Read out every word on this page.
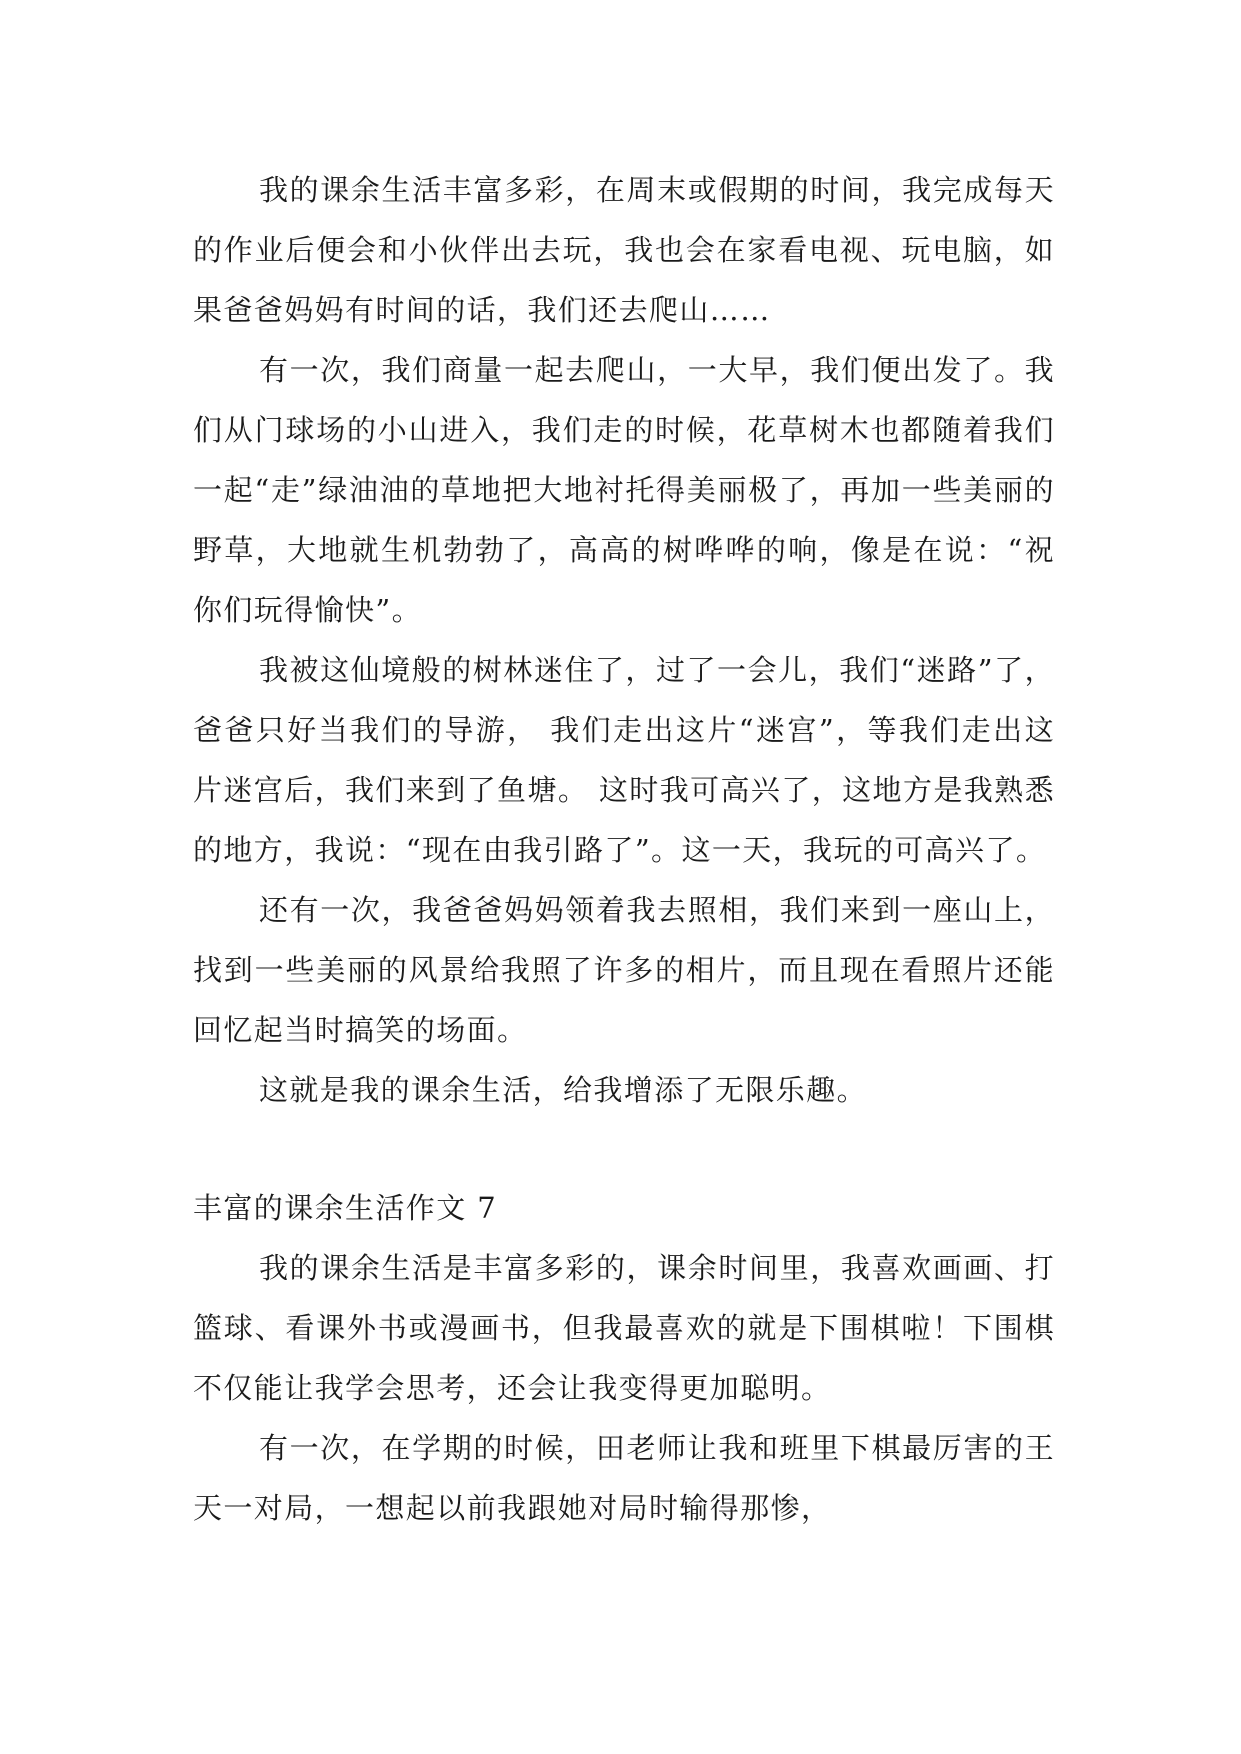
我的课余生活丰富多彩，在周末或假期的时间，我完成每天的作业后便会和小伙伴出去玩，我也会在家看电视、玩电脑，如果爸爸妈妈有时间的话，我们还去爬山……

有一次，我们商量一起去爬山，一大早，我们便出发了。我们从门球场的小山进入，我们走的时候，花草树木也都随着我们一起“走”绿油油的草地把大地衬托得美丽极了，再加一些美丽的野草，大地就生机勃勃了，高高的树哗哗的响，像是在说：“祝你们玩得愉快”。

我被这仙境般的树林迷住了，过了一会儿，我们“迷路”了，爸爸只好当我们的导游， 我们走出这片“迷宫”，等我们走出这片迷宫后，我们来到了鱼塘。 这时我可高兴了，这地方是我熟悉的地方，我说：“现在由我引路了”。这一天，我玩的可高兴了。

还有一次，我爸爸妈妈领着我去照相，我们来到一座山上，找到一些美丽的风景给我照了许多的相片，而且现在看照片还能回忆起当时搞笑的场面。

这就是我的课余生活，给我增添了无限乐趣。

丰富的课余生活作文 7

我的课余生活是丰富多彩的，课余时间里，我喜欢画画、打篮球、看课外书或漫画书，但我最喜欢的就是下围棋啦！下围棋不仅能让我学会思考，还会让我变得更加聪明。

有一次，在学期的时候，田老师让我和班里下棋最厉害的王天一对局，一想起以前我跟她对局时输得那惨，
